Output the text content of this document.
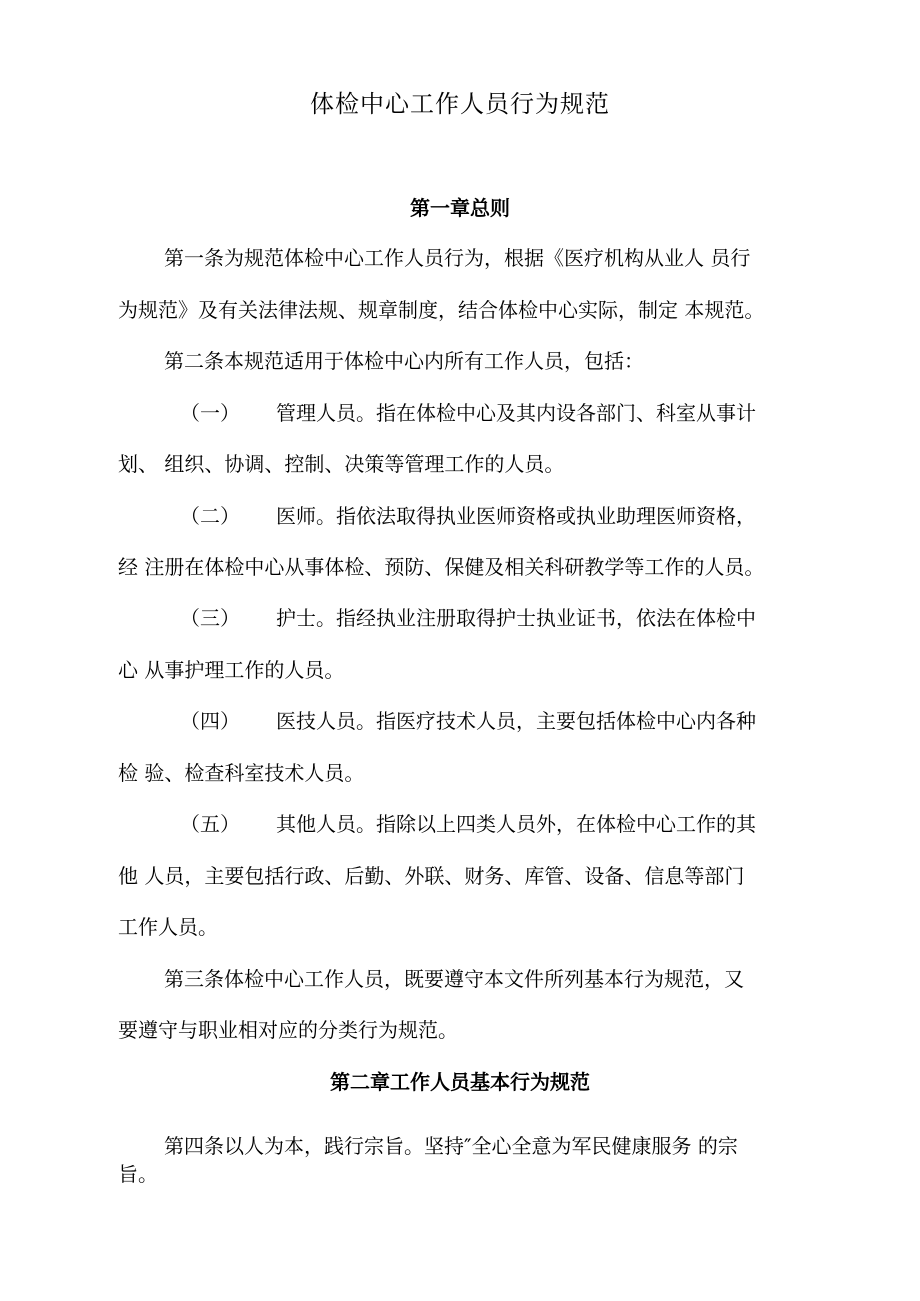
体检中心工作人员行为规范
第一章总则
第一条为规范体检中心工作人员行为，根据《医疗机构从业人 员行
为规范》及有关法律法规、规章制度，结合体检中心实际，制定 本规范。
第二条本规范适用于体检中心内所有工作人员，包括：
（一） 管理人员。指在体检中心及其内设各部门、科室从事计
划、 组织、协调、控制、决策等管理工作的人员。
（二） 医师。指依法取得执业医师资格或执业助理医师资格，
经 注册在体检中心从事体检、预防、保健及相关科研教学等工作的人员。
（三） 护士。指经执业注册取得护士执业证书，依法在体检中
心 从事护理工作的人员。
（四） 医技人员。指医疗技术人员，主要包括体检中心内各种
检 验、检查科室技术人员。
（五） 其他人员。指除以上四类人员外，在体检中心工作的其
他 人员，主要包括行政、后勤、外联、财务、库管、设备、信息等部门
工作人员。
第三条体检中心工作人员，既要遵守本文件所列基本行为规范，又
要遵守与职业相对应的分类行为规范。
第二章工作人员基本行为规范
第四条以人为本，践行宗旨。坚持″全心全意为军民健康服务 的宗
旨。
